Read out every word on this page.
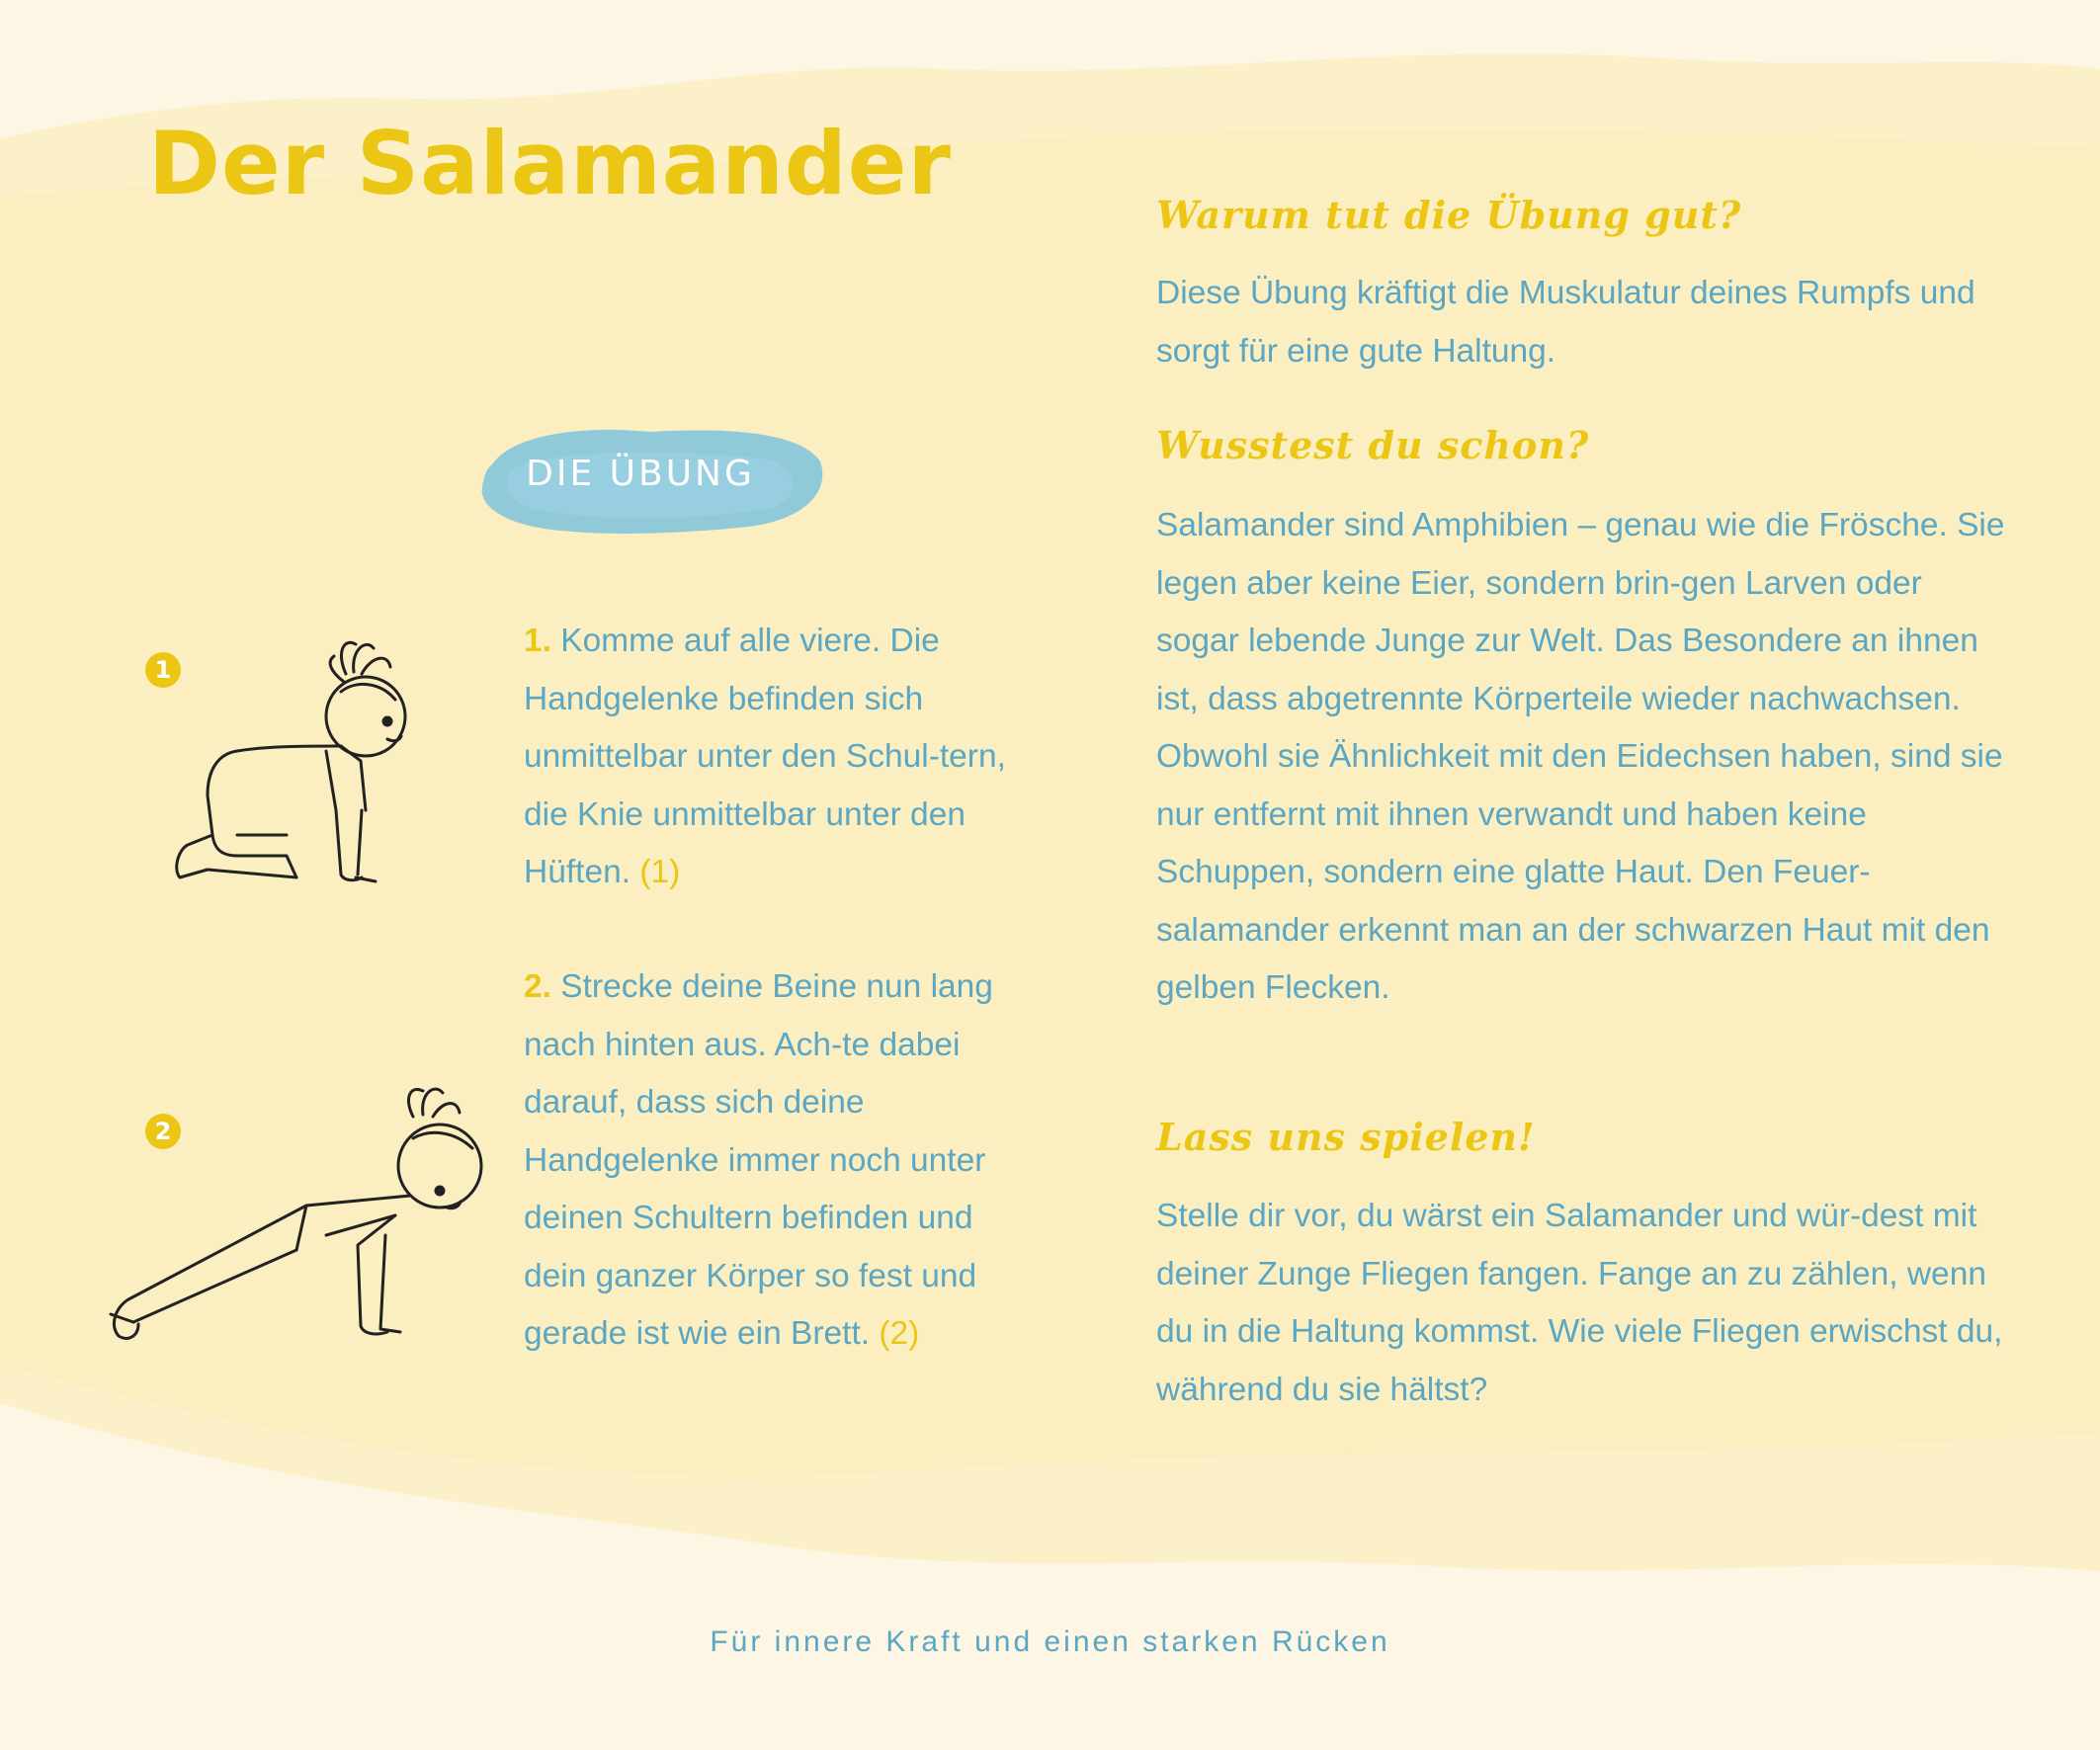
Der Salamander
DIE ÜBUNG
1

1. Komme auf alle viere. Die Handgelenke befinden sich unmittelbar unter den Schul-tern, die Knie unmittelbar unter den Hüften. (1)

2

2. Strecke deine Beine nun lang nach hinten aus. Ach-te dabei darauf, dass sich deine Handgelenke immer noch unter deinen Schultern befinden und dein ganzer Körper so fest und gerade ist wie ein Brett. (2)

Warum tut die Übung gut?

Diese Übung kräftigt die Muskulatur deines Rumpfs und sorgt für eine gute Haltung.

Wusstest du schon?

Salamander sind Amphibien – genau wie die Frösche. Sie legen aber keine Eier, sondern brin-gen Larven oder sogar lebende Junge zur Welt. Das Besondere an ihnen ist, dass abgetrennte Körperteile wieder nachwachsen. Obwohl sie Ähnlichkeit mit den Eidechsen haben, sind sie nur entfernt mit ihnen verwandt und haben keine Schuppen, sondern eine glatte Haut. Den Feuer-salamander erkennt man an der schwarzen Haut mit den gelben Flecken.

Lass uns spielen!

Stelle dir vor, du wärst ein Salamander und wür-dest mit deiner Zunge Fliegen fangen. Fange an zu zählen, wenn du in die Haltung kommst. Wie viele Fliegen erwischst du, während du sie hältst?

Für innere Kraft und einen starken Rücken
